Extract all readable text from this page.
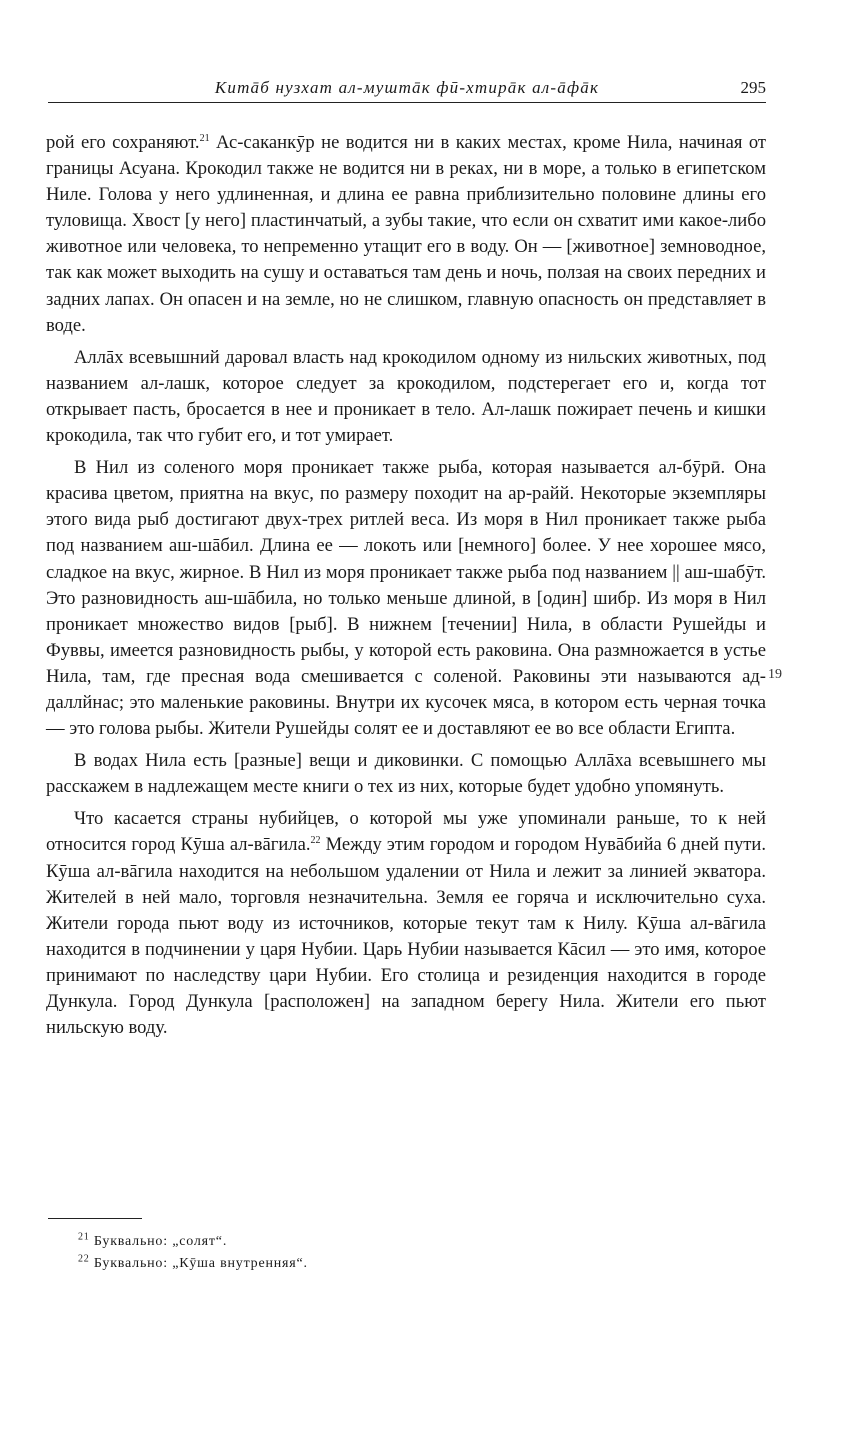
Китāб нузхат ал-муштāк фӣ-хтирāк ал-āфāк	295

рой его сохраняют.$^{21}$ Ас-саканкӯр не водится ни в каких местах, кроме Нила, начиная от границы Асуана. Крокодил также не водится ни в реках, ни в море, а только в египетском Ниле. Голова у него удлиненная, и длина ее равна приблизительно половине длины его туловища. Хвост [у него] пластинчатый, а зубы такие, что если он схватит ими какое-либо животное или человека, то непременно утащит его в воду. Он — [животное] земноводное, так как может выходить на сушу и оставаться там день и ночь, ползая на своих передних и задних лапах. Он опасен и на земле, но не слишком, главную опасность он представляет в воде.

Аллāх всевышний даровал власть над крокодилом одному из нильских животных, под названием ал-лашк, которое следует за крокодилом, подстерегает его и, когда тот открывает пасть, бросается в нее и проникает в тело. Ал-лашк пожирает печень и кишки крокодила, так что губит его, и тот умирает.

В Нил из соленого моря проникает также рыба, которая называется ал-бӯрӣ. Она красива цветом, приятна на вкус, по размеру походит на ар-райй. Некоторые экземпляры этого вида рыб достигают двух-трех ритлей веса. Из моря в Нил проникает также рыба под названием аш-шāбил. Длина ее — локоть или [немного] более. У нее хорошее мясо, сладкое на вкус, жирное. В Нил из моря проникает также рыба под названием || аш-шабӯт. Это разновидность аш-шāбила, но только меньше длиной, в [один] шибр. Из моря в Нил проникает множество видов [рыб]. В нижнем [течении] Нила, в области Рушейды и Фуввы, имеется разновидность рыбы, у которой есть раковина. Она размножается в устье Нила, там, где пресная вода смешивается с соленой. Раковины эти называются ад-даллйнас; это маленькие раковины. Внутри их кусочек мяса, в котором есть черная точка — это голова рыбы. Жители Рушейды солят ее и доставляют ее во все области Египта.

В водах Нила есть [разные] вещи и диковинки. С помощью Аллāха всевышнего мы расскажем в надлежащем месте книги о тех из них, которые будет удобно упомянуть.

Что касается страны нубийцев, о которой мы уже упоминали раньше, то к ней относится город Кӯша ал-вāгила.$^{22}$ Между этим городом и городом Нувāбийа 6 дней пути. Кӯша ал-вāгила находится на небольшом удалении от Нила и лежит за линией экватора. Жителей в ней мало, торговля незначительна. Земля ее горяча и исключительно суха. Жители города пьют воду из источников, которые текут там к Нилу. Кӯша ал-вāгила находится в подчинении у царя Нубии. Царь Нубии называется Кāсил — это имя, которое принимают по наследству цари Нубии. Его столица и резиденция находится в городе Дункула. Город Дункула [расположен] на западном берегу Нила. Жители его пьют нильскую воду.

19

$^{21}$ Буквально: „солят“.

$^{22}$ Буквально: „Кӯша внутренняя“.
